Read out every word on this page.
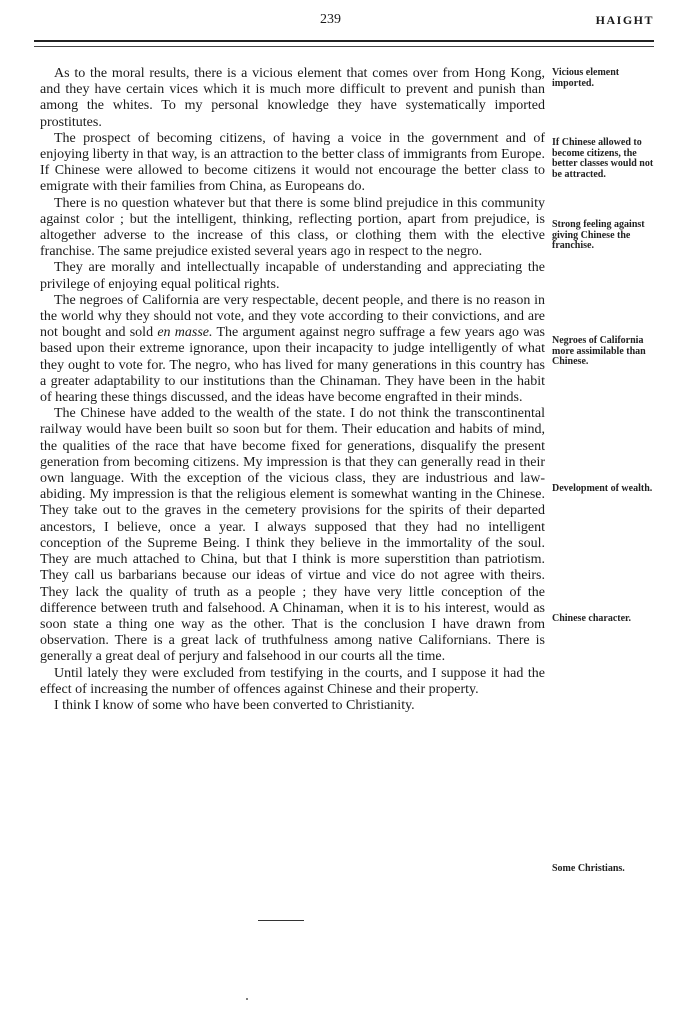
239	HAIGHT

As to the moral results, there is a vicious element that comes over from Hong Kong, and they have certain vices which it is much more difficult to prevent and punish than among the whites. To my personal knowledge they have systematically imported prostitutes.

The prospect of becoming citizens, of having a voice in the government and of enjoying liberty in that way, is an attraction to the better class of immigrants from Europe. If Chinese were allowed to become citizens it would not encourage the better class to emigrate with their families from China, as Europeans do.

There is no question whatever but that there is some blind prejudice in this community against color ; but the intelligent, thinking, reflecting portion, apart from prejudice, is altogether adverse to the increase of this class, or clothing them with the elective franchise. The same prejudice existed several years ago in respect to the negro.

They are morally and intellectually incapable of understanding and appreciating the privilege of enjoying equal political rights.

The negroes of California are very respectable, decent people, and there is no reason in the world why they should not vote, and they vote according to their convictions, and are not bought and sold en masse. The argument against negro suffrage a few years ago was based upon their extreme ignorance, upon their incapacity to judge intelligently of what they ought to vote for. The negro, who has lived for many generations in this country has a greater adaptability to our institutions than the Chinaman. They have been in the habit of hearing these things discussed, and the ideas have become engrafted in their minds.

The Chinese have added to the wealth of the state. I do not think the transcontinental railway would have been built so soon but for them. Their education and habits of mind, the qualities of the race that have become fixed for generations, disqualify the present generation from becoming citizens. My impression is that they can generally read in their own language. With the exception of the vicious class, they are industrious and law-abiding. My impression is that the religious element is somewhat wanting in the Chinese. They take out to the graves in the cemetery provisions for the spirits of their departed ancestors, I believe, once a year. I always supposed that they had no intelligent conception of the Supreme Being. I think they believe in the immortality of the soul. They are much attached to China, but that I think is more superstition than patriotism. They call us barbarians because our ideas of virtue and vice do not agree with theirs. They lack the quality of truth as a people ; they have very little conception of the difference between truth and falsehood. A Chinaman, when it is to his interest, would as soon state a thing one way as the other. That is the conclusion I have drawn from observation. There is a great lack of truthfulness among native Californians. There is generally a great deal of perjury and falsehood in our courts all the time.

Until lately they were excluded from testifying in the courts, and I suppose it had the effect of increasing the number of offences against Chinese and their property.

I think I know of some who have been converted to Christianity.

Vicious element imported.
If Chinese allowed to become citizens, the better classes would not be attracted.
Strong feeling against giving Chinese the franchise.
Negroes of California more assimilable than Chinese.
Development of wealth.
Chinese character.
Some Christians.
